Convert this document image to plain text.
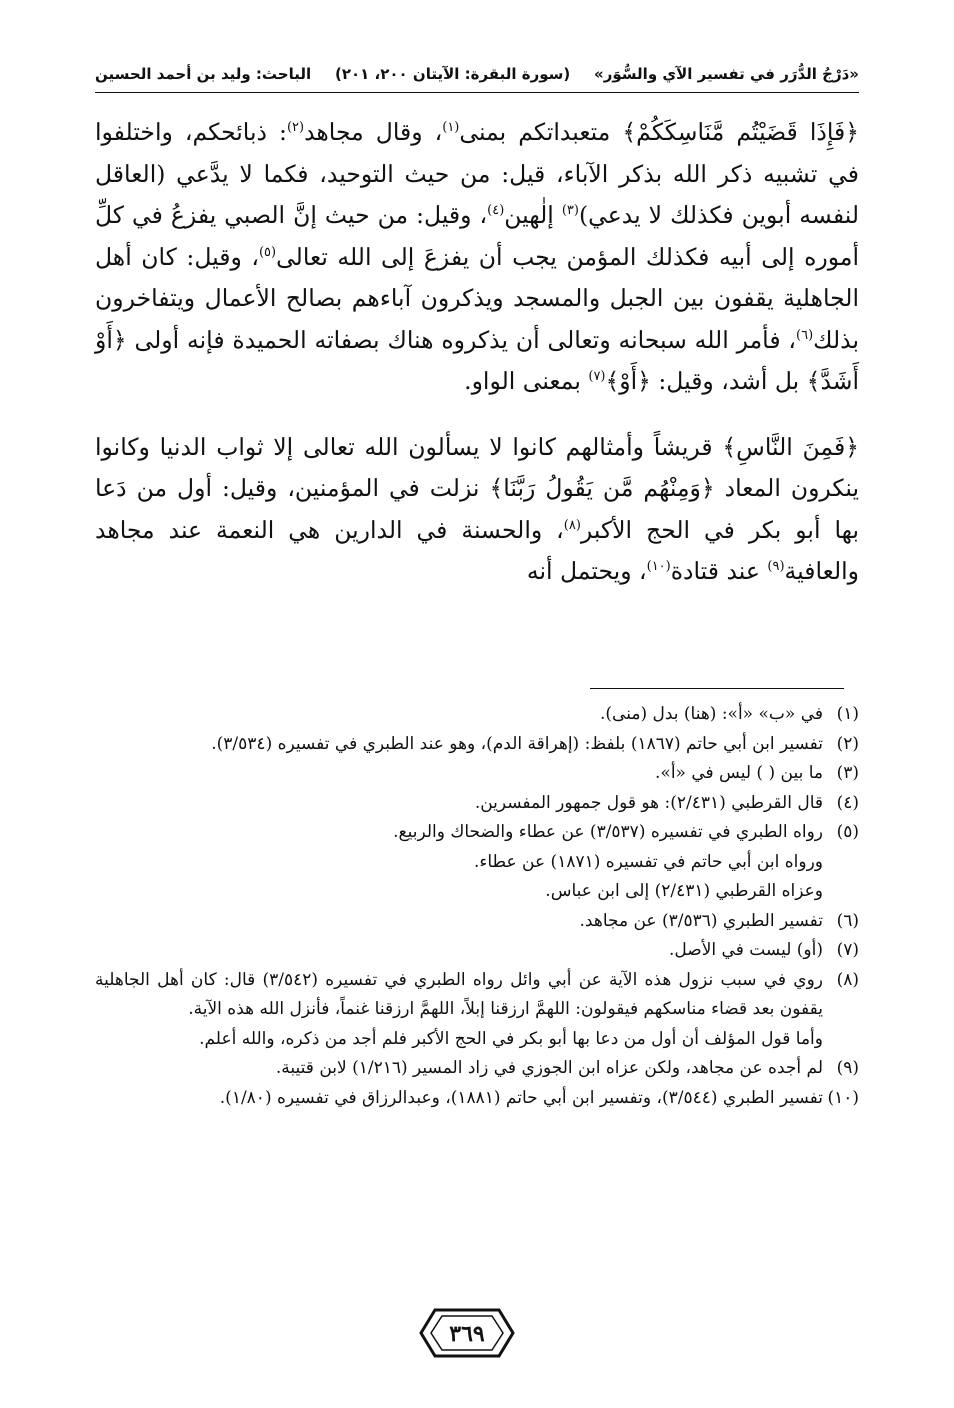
«دَرْجُ الدُّرَر في تفسير الآي والسُّوَر»
(سورة البقرة: الآيتان ٢٠٠، ٢٠١)
الباحث: وليد بن أحمد الحسين

﴿فَإِذَا قَضَيْتُم مَّنَاسِكَكُمْ﴾ متعبداتكم بمنى$^{(١)}$، وقال مجاهد$^{(٢)}$: ذبائحكم، واختلفوا في تشبيه ذكر الله بذكر الآباء، قيل: من حيث التوحيد، فكما لا يدَّعي (العاقل لنفسه أبوين فكذلك لا يدعي)$^{(٣)}$ إلٰهين$^{(٤)}$، وقيل: من حيث إنَّ الصبي يفزعُ في كلِّ أموره إلى أبيه فكذلك المؤمن يجب أن يفزعَ إلى الله تعالى$^{(٥)}$، وقيل: كان أهل الجاهلية يقفون بين الجبل والمسجد ويذكرون آباءهم بصالح الأعمال ويتفاخرون بذلك$^{(٦)}$، فأمر الله سبحانه وتعالى أن يذكروه هناك بصفاته الحميدة فإنه أولى ﴿أَوْ أَشَدَّ﴾ بل أشد، وقيل: ﴿أَوْ﴾$^{(٧)}$ بمعنى الواو.

﴿فَمِنَ النَّاسِ﴾ قريشاً وأمثالهم كانوا لا يسألون الله تعالى إلا ثواب الدنيا وكانوا ينكرون المعاد ﴿وَمِنْهُم مَّن يَقُولُ رَبَّنَا﴾ نزلت في المؤمنين، وقيل: أول من دَعا بها أبو بكر في الحج الأكبر$^{(٨)}$، والحسنة في الدارين هي النعمة عند مجاهد والعافية$^{(٩)}$ عند قتادة$^{(١٠)}$، ويحتمل أنه

(١)
في «ب» «أ»: (هنا) بدل (منى).
(٢)
تفسير ابن أبي حاتم (١٨٦٧) بلفظ: (إهراقة الدم)، وهو عند الطبري في تفسيره (٣/٥٣٤).
(٣)
ما بين ( ) ليس في «أ».
(٤)
قال القرطبي (٢/٤٣١): هو قول جمهور المفسرين.
(٥)
رواه الطبري في تفسيره (٣/٥٣٧) عن عطاء والضحاك والربيع.
ورواه ابن أبي حاتم في تفسيره (١٨٧١) عن عطاء.
وعزاه القرطبي (٢/٤٣١) إلى ابن عباس.
(٦)
تفسير الطبري (٣/٥٣٦) عن مجاهد.
(٧)
(أو) ليست في الأصل.
(٨)
روي في سبب نزول هذه الآية عن أبي وائل رواه الطبري في تفسيره (٣/٥٤٢) قال: كان أهل الجاهلية يقفون بعد قضاء مناسكهم فيقولون: اللهمَّ ارزقنا إبلاً، اللهمَّ ارزقنا غنماً، فأنزل الله هذه الآية.
وأما قول المؤلف أن أول من دعا بها أبو بكر في الحج الأكبر فلم أجد من ذكره، والله أعلم.
(٩)
لم أجده عن مجاهد، ولكن عزاه ابن الجوزي في زاد المسير (١/٢١٦) لابن قتيبة.
(١٠)
تفسير الطبري (٣/٥٤٤)، وتفسير ابن أبي حاتم (١٨٨١)، وعبدالرزاق في تفسيره (١/٨٠).
٣٦٩
